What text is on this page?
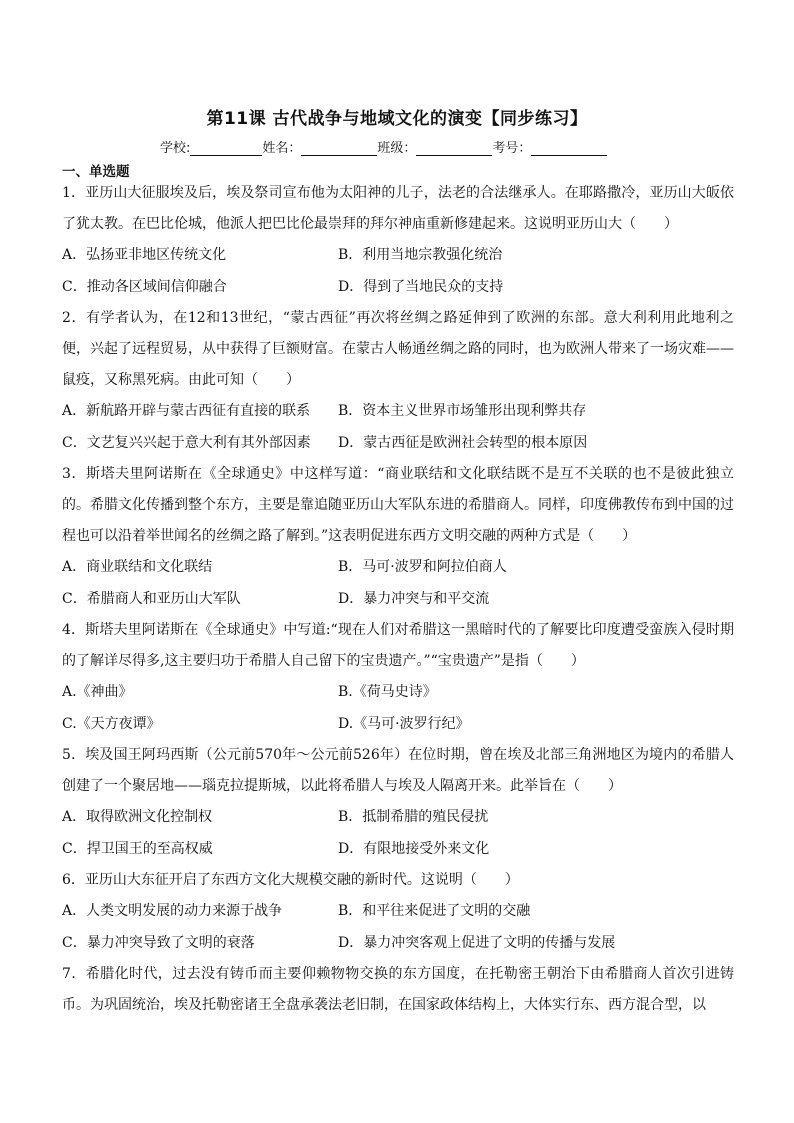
第11课 古代战争与地域文化的演变【同步练习】
学校:	姓名：	班级：	考号：
一、单选题
1．亚历山大征服埃及后，埃及祭司宣布他为太阳神的儿子，法老的合法继承人。在耶路撒冷，亚历山大皈依了犹太教。在巴比伦城，他派人把巴比伦最崇拜的拜尔神庙重新修建起来。这说明亚历山大（　　）
A．弘扬亚非地区传统文化	B．利用当地宗教强化统治
C．推动各区域间信仰融合	D．得到了当地民众的支持
2．有学者认为，在12和13世纪，“蒙古西征”再次将丝绸之路延伸到了欧洲的东部。意大利利用此地利之便，兴起了远程贸易，从中获得了巨额财富。在蒙古人畅通丝绸之路的同时，也为欧洲人带来了一场灾难——鼠疫，又称黑死病。由此可知（　　）
A．新航路开辟与蒙古西征有直接的联系	B．资本主义世界市场雏形出现利弊共存
C．文艺复兴兴起于意大利有其外部因素	D．蒙古西征是欧洲社会转型的根本原因
3．斯塔夫里阿诺斯在《全球通史》中这样写道：“商业联结和文化联结既不是互不关联的也不是彼此独立的。希腊文化传播到整个东方，主要是靠追随亚历山大军队东进的希腊商人。同样，印度佛教传布到中国的过程也可以沿着举世闻名的丝绸之路了解到。”这表明促进东西方文明交融的两种方式是（　　）
A．商业联结和文化联结	B．马可·波罗和阿拉伯商人
C．希腊商人和亚历山大军队	D．暴力冲突与和平交流
4．斯塔夫里阿诺斯在《全球通史》中写道:“现在人们对希腊这一黑暗时代的了解要比印度遭受蛮族入侵时期的了解详尽得多,这主要归功于希腊人自己留下的宝贵遗产。”“宝贵遗产”是指（　　）
A.《神曲》	B.《荷马史诗》
C.《天方夜谭》	D.《马可·波罗行纪》
5．埃及国王阿玛西斯（公元前570年～公元前526年）在位时期，曾在埃及北部三角洲地区为境内的希腊人创建了一个聚居地——瑙克拉提斯城，以此将希腊人与埃及人隔离开来。此举旨在（　　）
A．取得欧洲文化控制权	B．抵制希腊的殖民侵扰
C．捍卫国王的至高权威	D．有限地接受外来文化
6．亚历山大东征开启了东西方文化大规模交融的新时代。这说明（　　）
A．人类文明发展的动力来源于战争	B．和平往来促进了文明的交融
C．暴力冲突导致了文明的衰落	D．暴力冲突客观上促进了文明的传播与发展
7．希腊化时代，过去没有铸币而主要仰赖物物交换的东方国度，在托勒密王朝治下由希腊商人首次引进铸币。为巩固统治，埃及托勒密诸王全盘承袭法老旧制，在国家政体结构上，大体实行东、西方混合型，以
